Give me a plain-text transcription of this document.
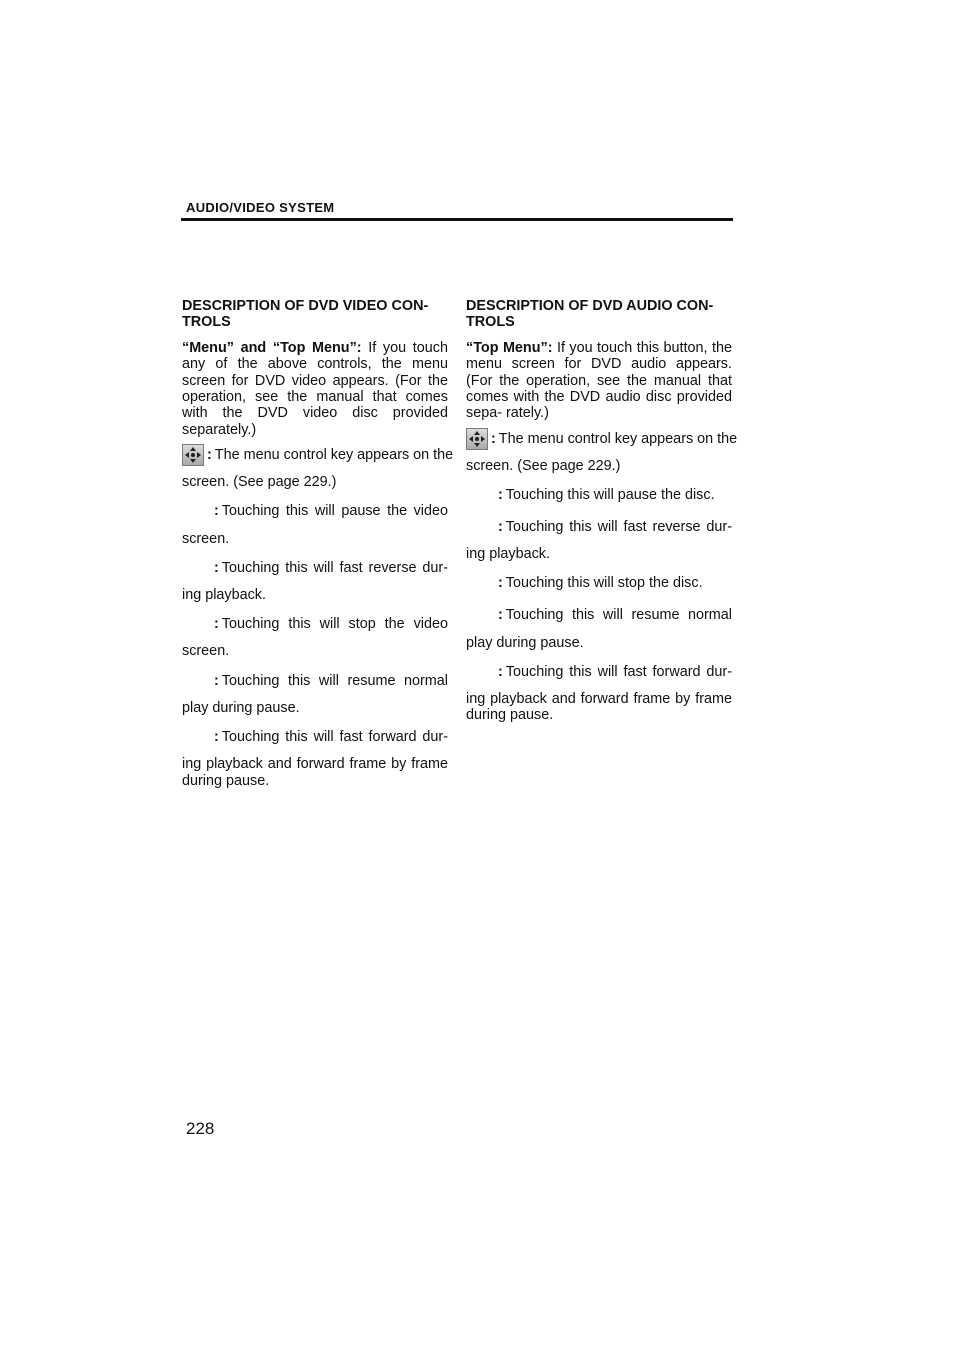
AUDIO/VIDEO SYSTEM

DESCRIPTION OF DVD VIDEO CON-
TROLS

“Menu” and “Top Menu”: If you touch any of the above controls, the menu screen for DVD video appears. (For the operation, see the manual that comes with the DVD video disc provided separately.)

: The menu control key appears on the
screen. (See page 229.)
: Touching this will pause the video
screen.
: Touching this will fast reverse dur-
ing playback.
: Touching this will stop the video
screen.
: Touching this will resume normal
play during pause.
: Touching this will fast forward dur-
ing playback and forward frame by frame during pause.

DESCRIPTION OF DVD AUDIO CON-
TROLS

“Top Menu”: If you touch this button, the menu screen for DVD audio appears. (For the operation, see the manual that comes with the DVD audio disc provided sepa- rately.)

: The menu control key appears on the
screen. (See page 229.)
: Touching this will pause the disc.
: Touching this will fast reverse dur-
ing playback.
: Touching this will stop the disc.
: Touching this will resume normal
play during pause.
: Touching this will fast forward dur-
ing playback and forward frame by frame during pause.
228
